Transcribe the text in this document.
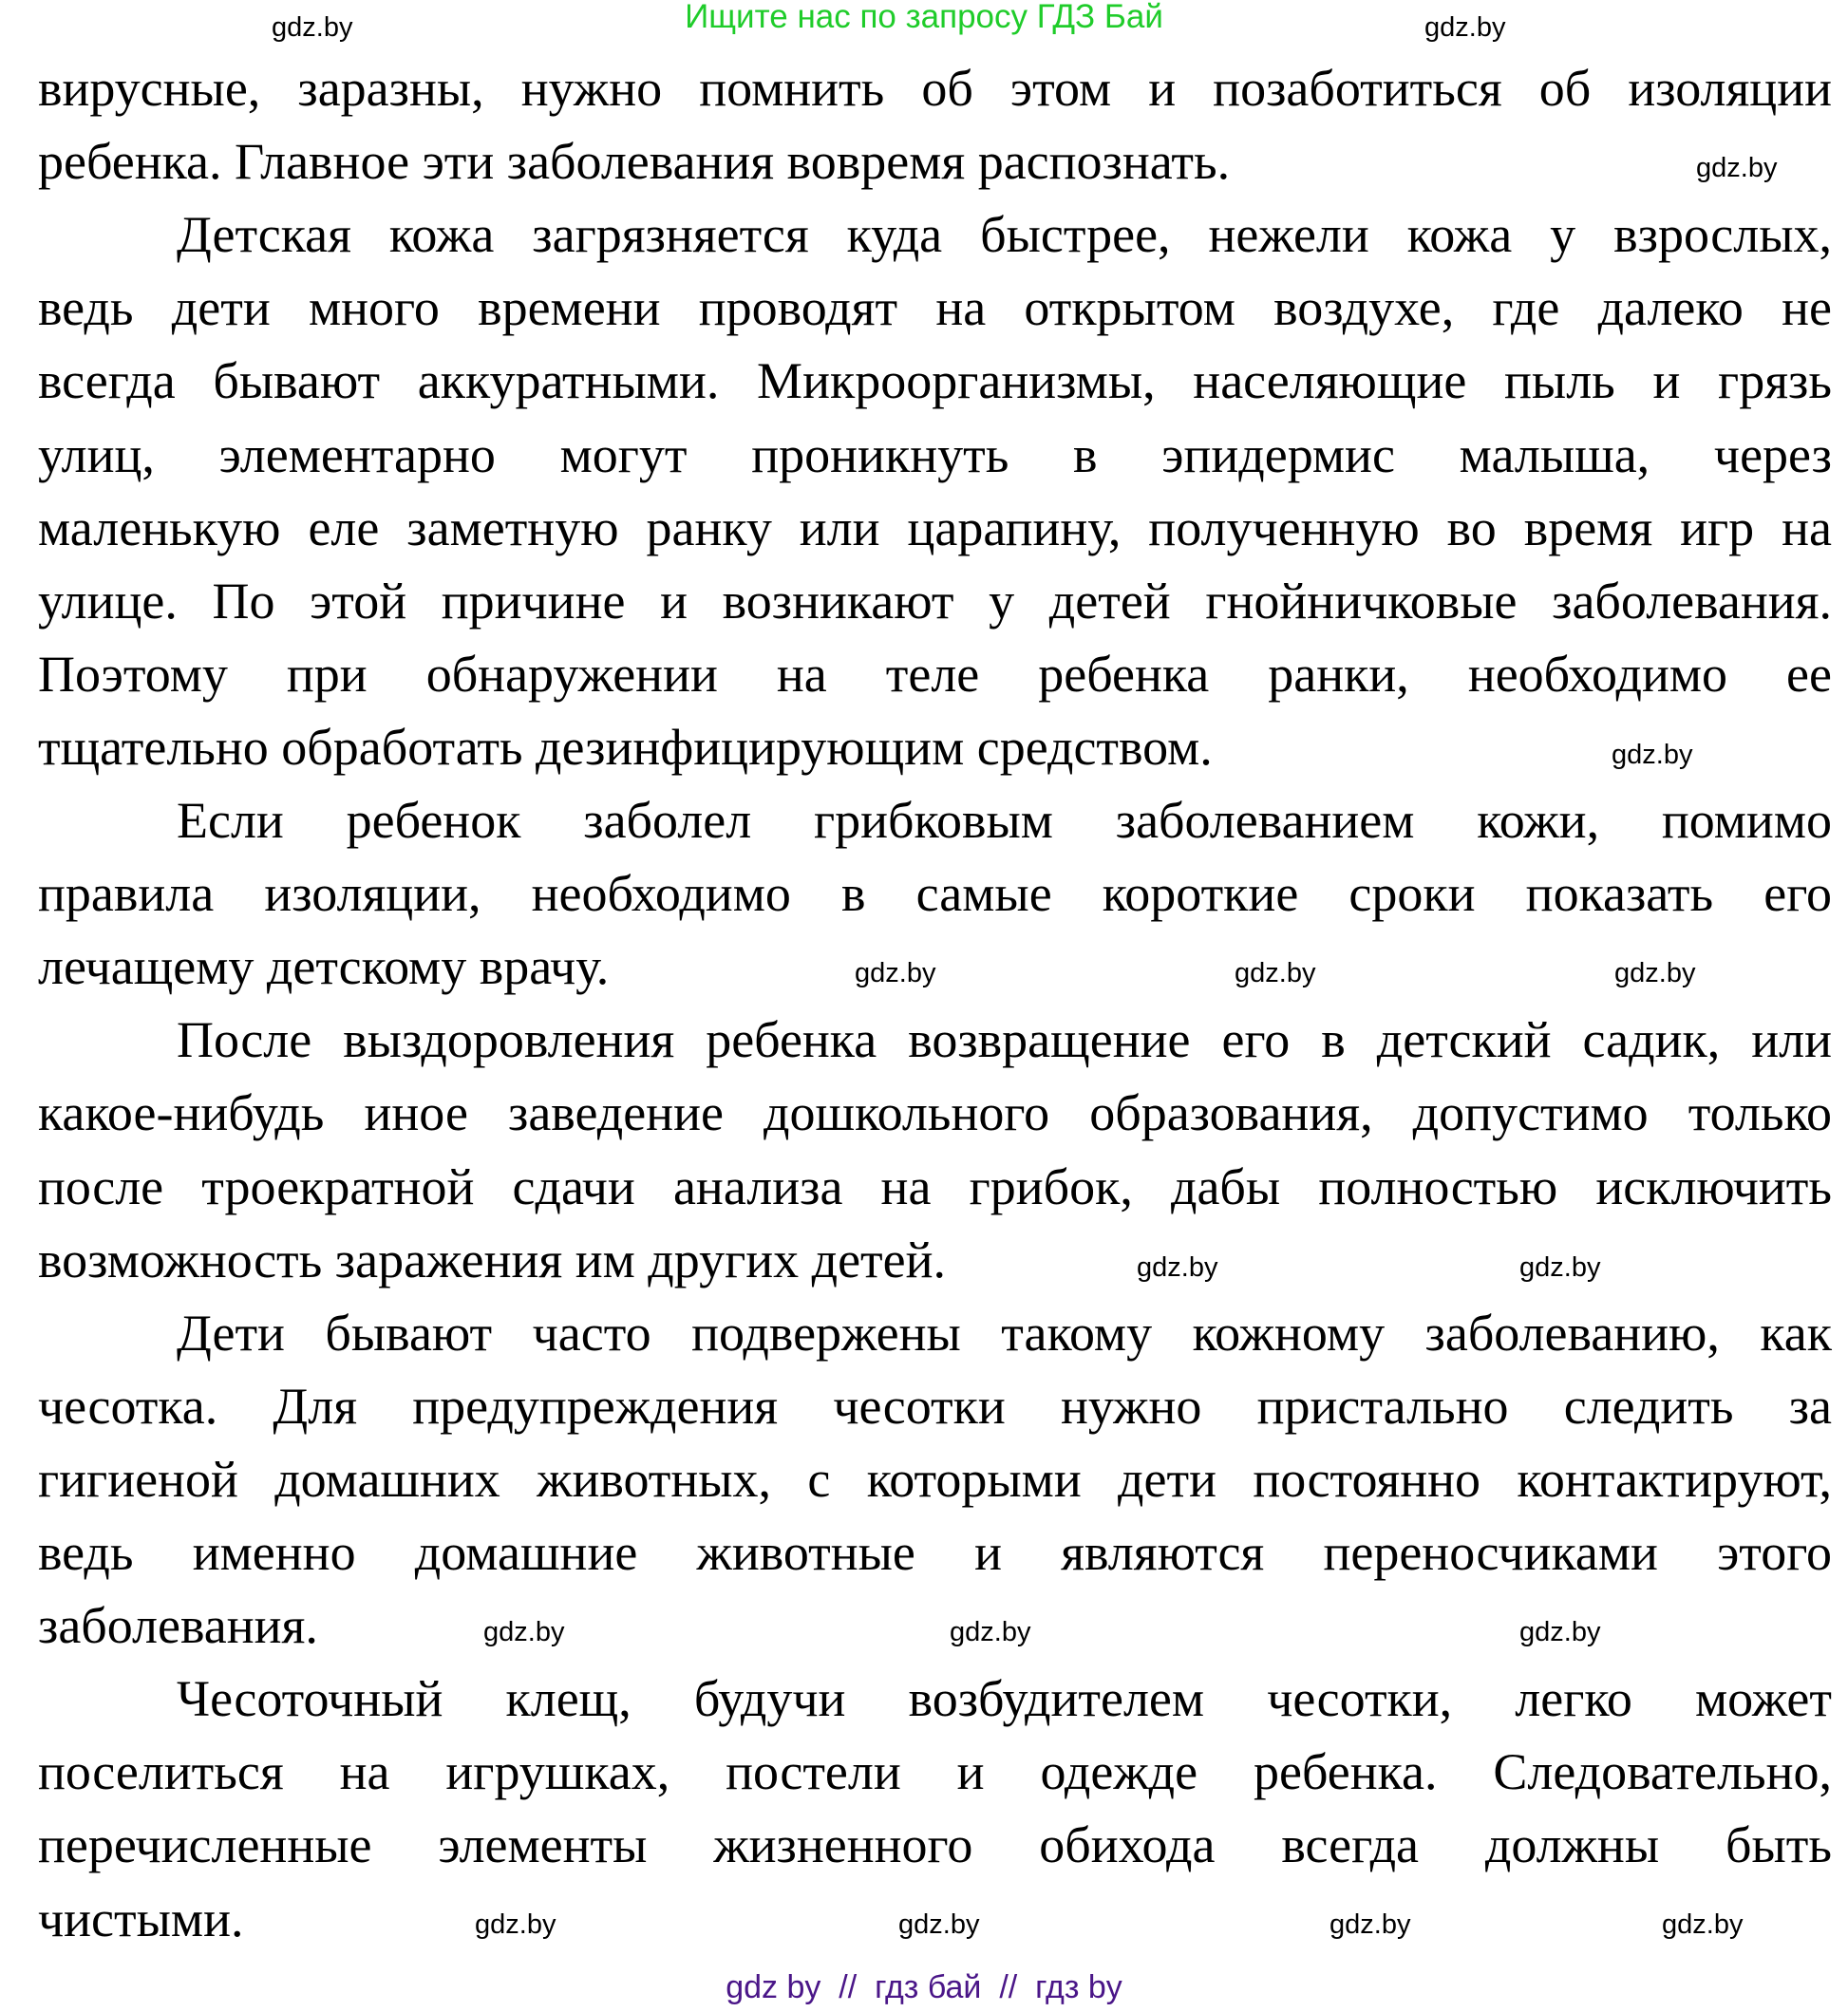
Ищите нас по запросу ГДЗ Бай
вирусные, заразны, нужно помнить об этом и позаботиться об изоляции
ребенка. Главное эти заболевания вовремя распознать.
Детская кожа загрязняется куда быстрее, нежели кожа у взрослых,
ведь дети много времени проводят на открытом воздухе, где далеко не
всегда бывают аккуратными. Микроорганизмы, населяющие пыль и грязь
улиц, элементарно могут проникнуть в эпидермис малыша, через
маленькую еле заметную ранку или царапину, полученную во время игр на
улице. По этой причине и возникают у детей гнойничковые заболевания.
Поэтому при обнаружении на теле ребенка ранки, необходимо ее
тщательно обработать дезинфицирующим средством.
Если ребенок заболел грибковым заболеванием кожи, помимо
правила изоляции, необходимо в самые короткие сроки показать его
лечащему детскому врачу.
После выздоровления ребенка возвращение его в детский садик, или
какое-нибудь иное заведение дошкольного образования, допустимо только
после троекратной сдачи анализа на грибок, дабы полностью исключить
возможность заражения им других детей.
Дети бывают часто подвержены такому кожному заболеванию, как
чесотка. Для предупреждения чесотки нужно пристально следить за
гигиеной домашних животных, с которыми дети постоянно контактируют,
ведь именно домашние животные и являются переносчиками этого
заболевания.
Чесоточный клещ, будучи возбудителем чесотки, легко может
поселиться на игрушках, постели и одежде ребенка. Следовательно,
перечисленные элементы жизненного обихода всегда должны быть
чистыми.
gdz.by	gdz.by
gdz.by
gdz.by
gdz.by	gdz.by	gdz.by
gdz.by	gdz.by
gdz.by	gdz.by	gdz.by
gdz.by	gdz.by	gdz.by	gdz.by
gdz by  //  гдз бай  //  гдз by
